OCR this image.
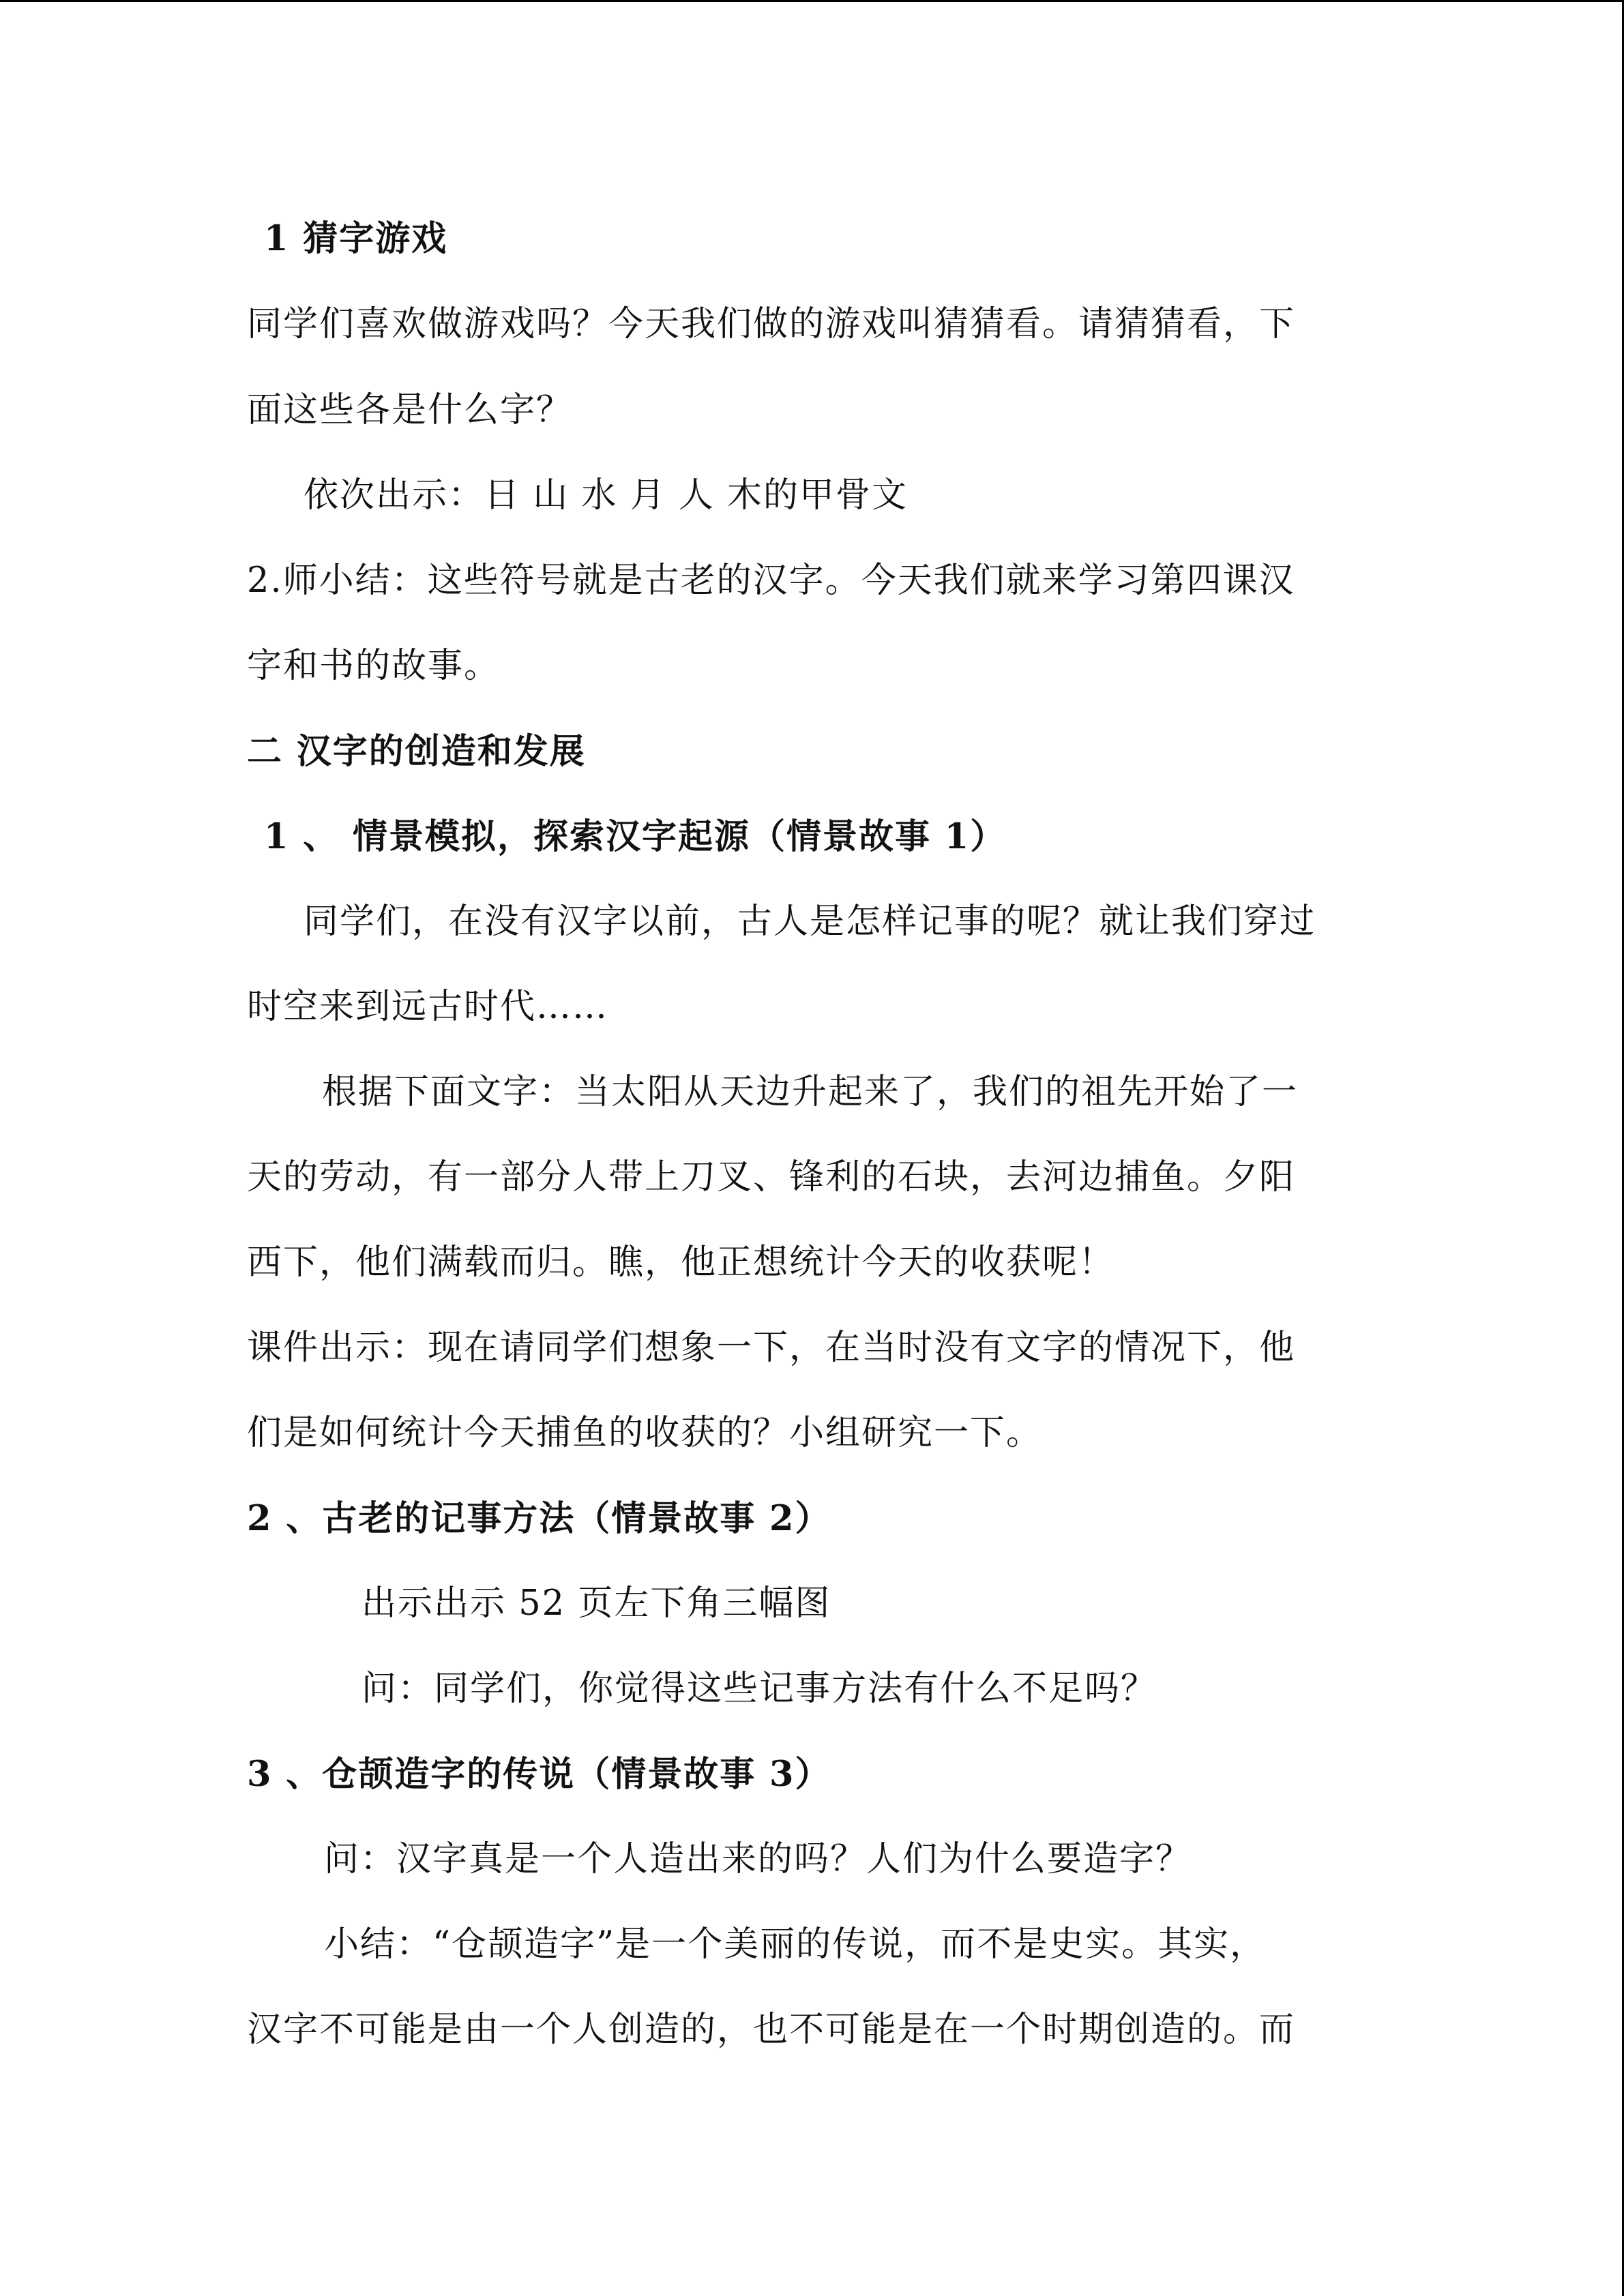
1 猜字游戏
同学们喜欢做游戏吗？今天我们做的游戏叫猜猜看。请猜猜看，下
面这些各是什么字？
依次出示：日 山 水 月 人 木的甲骨文
2.师小结：这些符号就是古老的汉字。今天我们就来学习第四课汉
字和书的故事。
二 汉字的创造和发展
1 、 情景模拟，探索汉字起源（情景故事 1）
同学们，在没有汉字以前，古人是怎样记事的呢？就让我们穿过
时空来到远古时代……
根据下面文字：当太阳从天边升起来了，我们的祖先开始了一
天的劳动，有一部分人带上刀叉、锋利的石块，去河边捕鱼。夕阳
西下，他们满载而归。瞧，他正想统计今天的收获呢！
课件出示：现在请同学们想象一下，在当时没有文字的情况下，他
们是如何统计今天捕鱼的收获的？小组研究一下。
2 、古老的记事方法（情景故事 2）
出示出示 52 页左下角三幅图
问：同学们，你觉得这些记事方法有什么不足吗？
3 、仓颉造字的传说（情景故事 3）
问：汉字真是一个人造出来的吗？人们为什么要造字？
小结：“仓颉造字”是一个美丽的传说，而不是史实。其实，
汉字不可能是由一个人创造的，也不可能是在一个时期创造的。而
